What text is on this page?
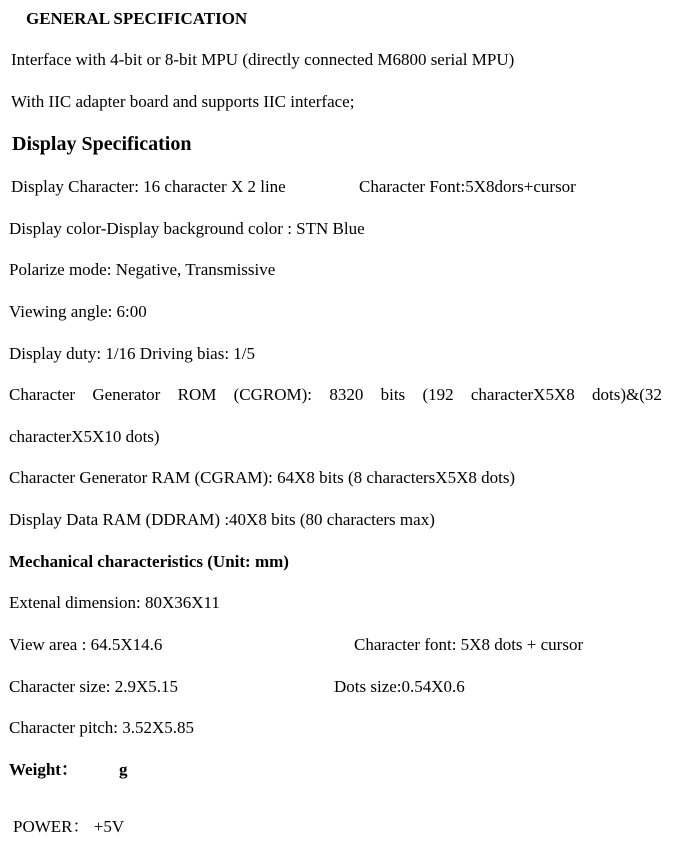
GENERAL SPECIFICATION
Interface with 4-bit or 8-bit MPU (directly connected M6800 serial MPU)
With IIC adapter board and supports IIC interface;
Display Specification
Display Character: 16 character X 2 line	Character Font:5X8dors+cursor
Display color-Display background color : STN Blue
Polarize mode: Negative, Transmissive
Viewing angle: 6:00
Display duty: 1/16 Driving bias: 1/5
Character Generator ROM (CGROM): 8320 bits (192 characterX5X8 dots)&(32
characterX5X10 dots)
Character Generator RAM (CGRAM): 64X8 bits (8 charactersX5X8 dots)
Display Data RAM (DDRAM) :40X8 bits (80 characters max)
Mechanical characteristics (Unit: mm)
Extenal dimension: 80X36X11
View area : 64.5X14.6	Character font: 5X8 dots + cursor
Character size: 2.9X5.15	Dots size:0.54X0.6
Character pitch: 3.52X5.85
Weight： g
POWER： +5V
